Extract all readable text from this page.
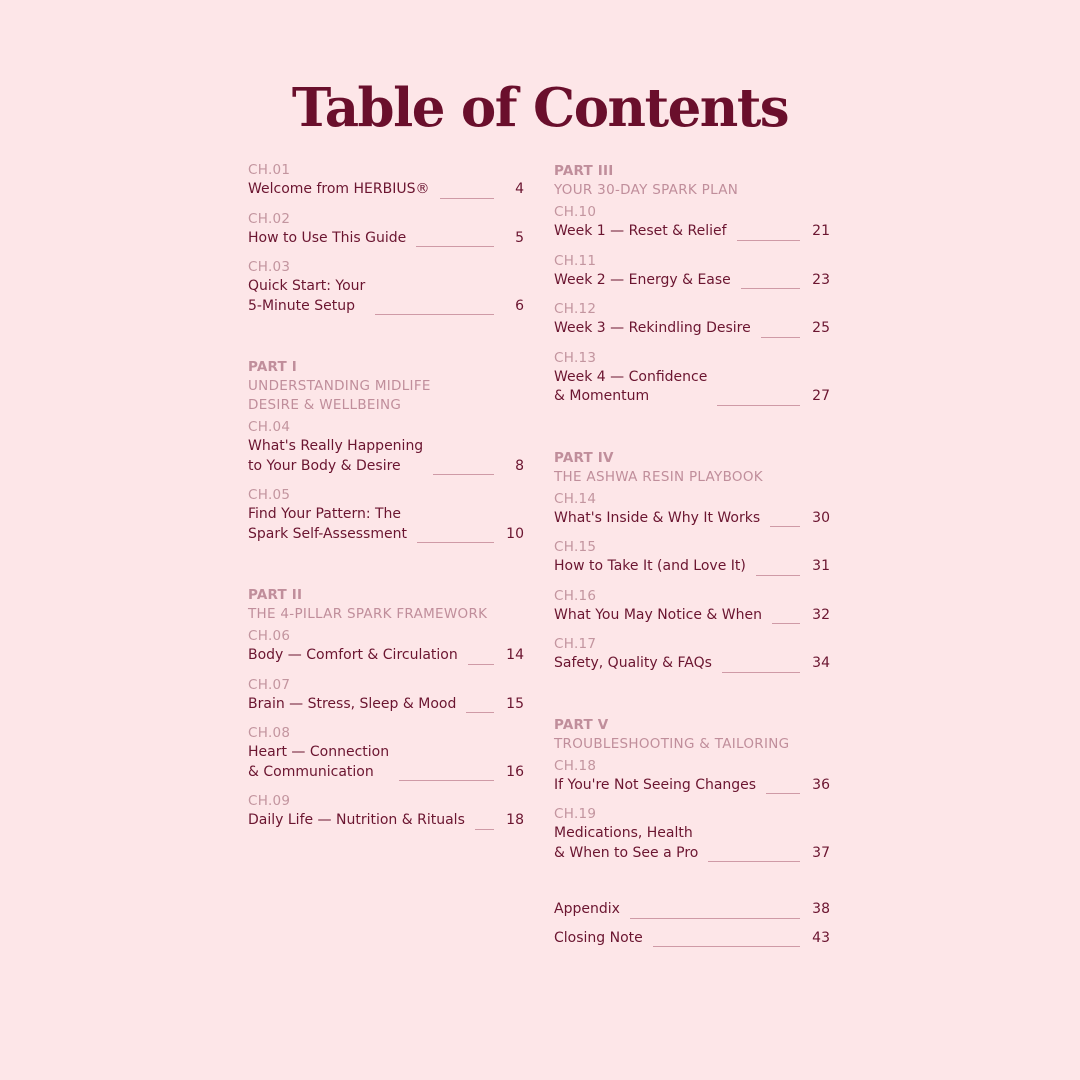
Table of Contents
CH.01
Welcome from HERBIUS®	4
CH.02
How to Use This Guide	5
CH.03
Quick Start: Your
5-Minute Setup	6
PART I
UNDERSTANDING MIDLIFE
DESIRE & WELLBEING
CH.04
What's Really Happening
to Your Body & Desire	8
CH.05
Find Your Pattern: The
Spark Self-Assessment	10
PART II
THE 4-PILLAR SPARK FRAMEWORK
CH.06
Body — Comfort & Circulation	14
CH.07
Brain — Stress, Sleep & Mood	15
CH.08
Heart — Connection
& Communication	16
CH.09
Daily Life — Nutrition & Rituals	18
PART III
YOUR 30-DAY SPARK PLAN
CH.10
Week 1 — Reset & Relief	21
CH.11
Week 2 — Energy & Ease	23
CH.12
Week 3 — Rekindling Desire	25
CH.13
Week 4 — Confidence
& Momentum	27
PART IV
THE ASHWA RESIN PLAYBOOK
CH.14
What's Inside & Why It Works	30
CH.15
How to Take It (and Love It)	31
CH.16
What You May Notice & When	32
CH.17
Safety, Quality & FAQs	34
PART V
TROUBLESHOOTING & TAILORING
CH.18
If You're Not Seeing Changes	36
CH.19
Medications, Health
& When to See a Pro	37
Appendix	38
Closing Note	43
